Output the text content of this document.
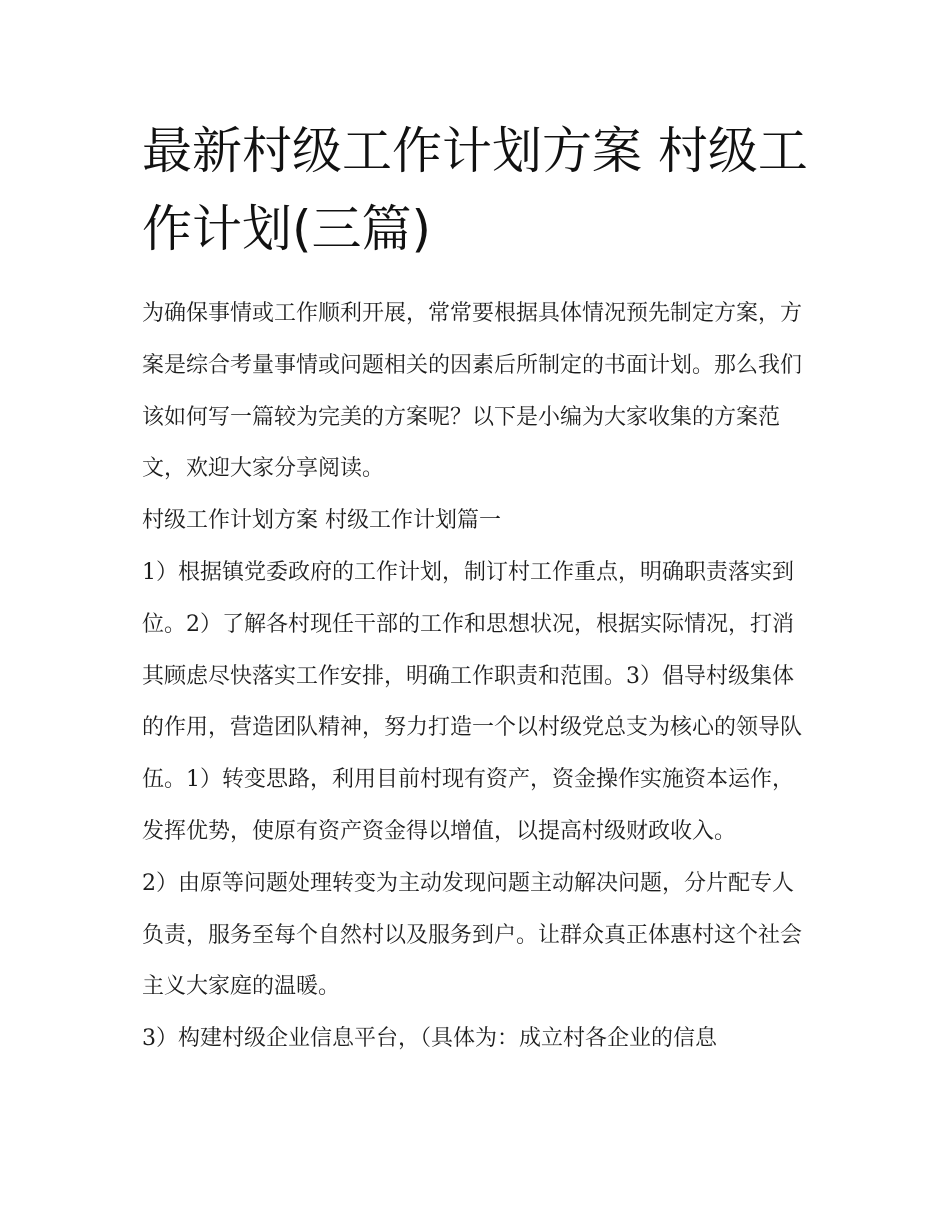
最新村级工作计划方案 村级工作计划(三篇)

为确保事情或工作顺利开展，常常要根据具体情况预先制定方案，方案是综合考量事情或问题相关的因素后所制定的书面计划。那么我们该如何写一篇较为完美的方案呢？以下是小编为大家收集的方案范文，欢迎大家分享阅读。

村级工作计划方案 村级工作计划篇一

1）根据镇党委政府的工作计划，制订村工作重点，明确职责落实到位。2）了解各村现任干部的工作和思想状况，根据实际情况，打消其顾虑尽快落实工作安排，明确工作职责和范围。3）倡导村级集体的作用，营造团队精神，努力打造一个以村级党总支为核心的领导队伍。1）转变思路，利用目前村现有资产，资金操作实施资本运作，发挥优势，使原有资产资金得以增值，以提高村级财政收入。

2）由原等问题处理转变为主动发现问题主动解决问题，分片配专人负责，服务至每个自然村以及服务到户。让群众真正体惠村这个社会主义大家庭的温暖。

3）构建村级企业信息平台，（具体为：成立村各企业的信息
